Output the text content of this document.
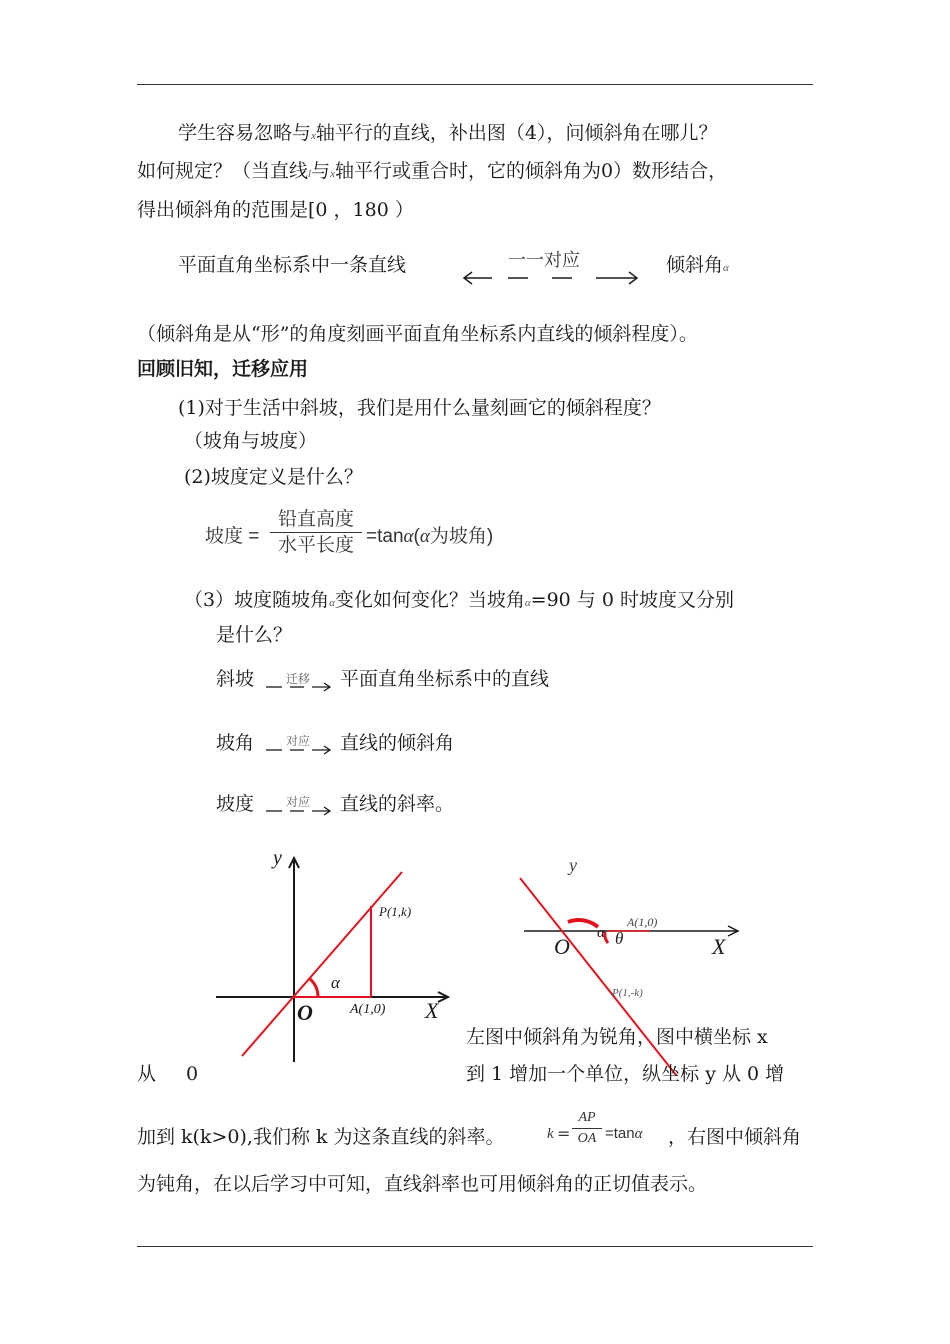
学生容易忽略与x轴平行的直线，补出图（4），问倾斜角在哪儿？
如何规定？（当直线l与x轴平行或重合时，它的倾斜角为0）数形结合，
得出倾斜角的范围是[0 ，180 ）
平面直角坐标系中一条直线	一一对应	倾斜角α
（倾斜角是从“形”的角度刻画平面直角坐标系内直线的倾斜程度）。
回顾旧知，迁移应用
(1)对于生活中斜坡，我们是用什么量刻画它的倾斜程度？
（坡角与坡度）
(2)坡度定义是什么？
坡度 =
铅直高度
水平长度 =tanα(α为坡角)
（3）坡度随坡角α变化如何变化？当坡角α=90 与 0 时坡度又分别
是什么？
斜坡	迁移 平面直角坐标系中的直线
坡角	对应 直线的倾斜角
坡度	对应 直线的斜率。
y
P(1,k)
α
O	A(1,0) X
y
A(1,0)
α θ
O	X
P(1,-k)
左图中倾斜角为锐角，图中横坐标 x
从 0	到 1 增加一个单位，纵坐标 y 从 0 增
加到 k(k>0),我们称 k 为这条直线的斜率。	k =
AP
OA =tanα ，右图中倾斜角
为钝角，在以后学习中可知，直线斜率也可用倾斜角的正切值表示。
